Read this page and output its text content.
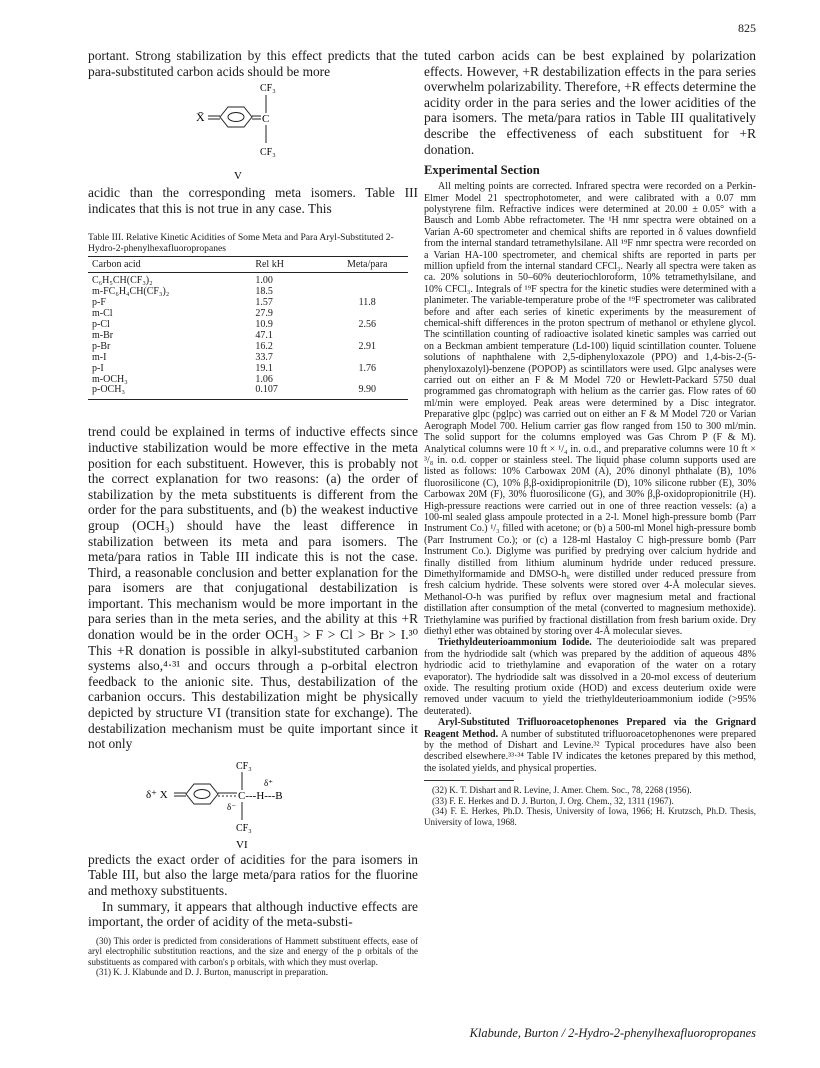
825

portant. Strong stabilization by this effect predicts that the para-substituted carbon acids should be more

CF₃
X̄	C
CF₃
V

acidic than the corresponding meta isomers. Table III indicates that this is not true in any case. This

Table III. Relative Kinetic Acidities of Some Meta and Para Aryl-Substituted 2-Hydro-2-phenylhexafluoropropanes
Carbon acid	Rel kH	Meta/para
C₆H₅CH(CF₃)₂	1.00	
m-FC₆H₄CH(CF₃)₂	18.5	
p-F	1.57	11.8
m-Cl	27.9	
p-Cl	10.9	2.56
m-Br	47.1	
p-Br	16.2	2.91
m-I	33.7	
p-I	19.1	1.76
m-OCH₃	1.06	
p-OCH₃	0.107	9.90

trend could be explained in terms of inductive effects since inductive stabilization would be more effective in the meta position for each substituent. However, this is probably not the correct explanation for two reasons: (a) the order of stabilization by the meta substituents is different from the order for the para substituents, and (b) the weakest inductive group (OCH₃) should have the least difference in stabilization between its meta and para isomers. The meta/para ratios in Table III indicate this is not the case. Third, a reasonable conclusion and better explanation for the para isomers are that conjugational destabilization is important. This mechanism would be more important in the para series than in the meta series, and the ability at this +R donation would be in the order OCH₃ > F > Cl > Br > I.³⁰ This +R donation is possible in alkyl-substituted carbanion systems also,⁴·³¹ and occurs through a p-orbital electron feedback to the anionic site. Thus, destabilization of the carbanion occurs. This destabilization might be physically depicted by structure VI (transition state for exchange). The destabilization mechanism must be quite important since it not only

CF₃
δ⁺ X	C---H---B
δ⁺
δ⁻
CF₃
VI

predicts the exact order of acidities for the para isomers in Table III, but also the large meta/para ratios for the fluorine and methoxy substituents.

In summary, it appears that although inductive effects are important, the order of acidity of the meta-substi-

(30) This order is predicted from considerations of Hammett substituent effects, ease of aryl electrophilic substitution reactions, and the size and energy of the p orbitals of the substituents as compared with carbon's p orbitals, with which they must overlap.
(31) K. J. Klabunde and D. J. Burton, manuscript in preparation.

tuted carbon acids can be best explained by polarization effects. However, +R destabilization effects in the para series overwhelm polarizability. Therefore, +R effects determine the acidity order in the para series and the lower acidities of the para isomers. The meta/para ratios in Table III qualitatively describe the effectiveness of each substituent for +R donation.

Experimental Section

All melting points are corrected. Infrared spectra were recorded on a Perkin-Elmer Model 21 spectrophotometer, and were calibrated with a 0.07 mm polystyrene film. Refractive indices were determined at 20.00 ± 0.05° with a Bausch and Lomb Abbe refractometer. The ¹H nmr spectra were obtained on a Varian A-60 spectrometer and chemical shifts are reported in δ values downfield from the internal standard tetramethylsilane. All ¹⁹F nmr spectra were recorded on a Varian HA-100 spectrometer, and chemical shifts are reported in parts per million upfield from the internal standard CFCl₃. Nearly all spectra were taken as ca. 20% solutions in 50–60% deuteriochloroform, 10% tetramethylsilane, and 10% CFCl₃. Integrals of ¹⁹F spectra for the kinetic studies were determined with a planimeter. The variable-temperature probe of the ¹⁹F spectrometer was calibrated before and after each series of kinetic experiments by the measurement of chemical-shift differences in the proton spectrum of methanol or ethylene glycol. The scintillation counting of radioactive isolated kinetic samples was carried out on a Beckman ambient temperature (Ld-100) liquid scintillation counter. Toluene solutions of naphthalene with 2,5-diphenyloxazole (PPO) and 1,4-bis-2-(5-phenyloxazolyl)-benzene (POPOP) as scintillators were used. Glpc analyses were carried out on either an F & M Model 720 or Hewlett-Packard 5750 dual programmed gas chromatograph with helium as the carrier gas. Flow rates of 60 ml/min were employed. Peak areas were determined by a Disc integrator. Preparative glpc (pglpc) was carried out on either an F & M Model 720 or Varian Aerograph Model 700. Helium carrier gas flow ranged from 150 to 300 ml/min. The solid support for the columns employed was Gas Chrom P (F & M). Analytical columns were 10 ft × ¹/₄ in. o.d., and preparative columns were 10 ft × ³/₈ in. o.d. copper or stainless steel. The liquid phase column supports used are listed as follows: 10% Carbowax 20M (A), 20% dinonyl phthalate (B), 10% fluorosilicone (C), 10% β,β-oxidipropionitrile (D), 10% silicone rubber (E), 30% Carbowax 20M (F), 30% fluorosilicone (G), and 30% β,β-oxidopropionitrile (H). High-pressure reactions were carried out in one of three reaction vessels: (a) a 100-ml sealed glass ampoule protected in a 2-l. Monel high-pressure bomb (Parr Instrument Co.) ¹/₃ filled with acetone; or (b) a 500-ml Monel high-pressure bomb (Parr Instrument Co.); or (c) a 128-ml Hastaloy C high-pressure bomb (Parr Instrument Co.). Diglyme was purified by predrying over calcium hydride and finally distilled from lithium aluminum hydride under reduced pressure. Dimethylformamide and DMSO-h₆ were distilled under reduced pressure from fresh calcium hydride. These solvents were stored over 4-Å molecular sieves. Methanol-O-h was purified by reflux over magnesium metal and fractional distillation after consumption of the metal (converted to magnesium methoxide). Triethylamine was purified by fractional distillation from fresh barium oxide. Dry diethyl ether was obtained by storing over 4-Å molecular sieves.

Triethyldeuterioammonium Iodide. The deuterioiodide salt was prepared from the hydriodide salt (which was prepared by the addition of aqueous 48% hydriodic acid to triethylamine and evaporation of the water on a rotary evaporator). The hydriodide salt was dissolved in a 20-mol excess of deuterium oxide. The resulting protium oxide (HOD) and excess deuterium oxide were removed under vacuum to yield the triethyldeuterioammonium iodide (>95% deuterated).

Aryl-Substituted Trifluoroacetophenones Prepared via the Grignard Reagent Method. A number of substituted trifluoroacetophenones were prepared by the method of Dishart and Levine.³² Typical procedures have also been described elsewhere.³³·³⁴ Table IV indicates the ketones prepared by this method, the isolated yields, and physical properties.

(32) K. T. Dishart and R. Levine, J. Amer. Chem. Soc., 78, 2268 (1956).
(33) F. E. Herkes and D. J. Burton, J. Org. Chem., 32, 1311 (1967).
(34) F. E. Herkes, Ph.D. Thesis, University of Iowa, 1966; H. Krutzsch, Ph.D. Thesis, University of Iowa, 1968.
Klabunde, Burton / 2-Hydro-2-phenylhexafluoropropanes
